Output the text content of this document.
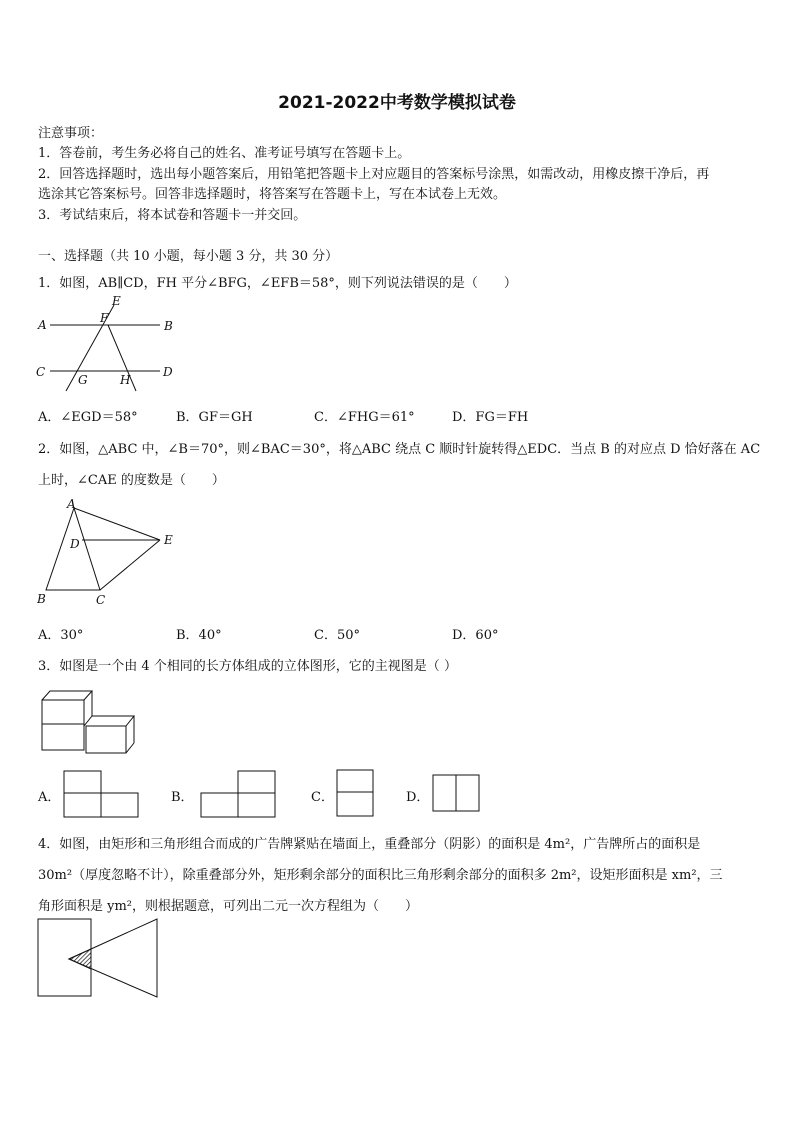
2021-2022中考数学模拟试卷
注意事项：
1．答卷前，考生务必将自己的姓名、准考证号填写在答题卡上。
2．回答选择题时，选出每小题答案后，用铅笔把答题卡上对应题目的答案标号涂黑，如需改动，用橡皮擦干净后，再
选涂其它答案标号。回答非选择题时，将答案写在答题卡上，写在本试卷上无效。
3．考试结束后，将本试卷和答题卡一并交回。
一、选择题（共 10 小题，每小题 3 分，共 30 分）
1．如图，AB∥CD，FH 平分∠BFG，∠EFB＝58°，则下列说法错误的是（　　）
E
F
A	B
C	D
G	H
A．∠EGD＝58°	B．GF＝GH	C．∠FHG＝61°	D．FG＝FH
2．如图，△ABC 中，∠B＝70°，则∠BAC＝30°，将△ABC 绕点 C 顺时针旋转得△EDC．当点 B 的对应点 D 恰好落在 AC
上时，∠CAE 的度数是（　　）
A
D	E
B	C
A．30°	B．40°	C．50°	D．60°
3．如图是一个由 4 个相同的长方体组成的立体图形，它的主视图是（ ）
A．	B．	C．	D．
4．如图，由矩形和三角形组合而成的广告牌紧贴在墙面上，重叠部分（阴影）的面积是 4m²，广告牌所占的面积是
30m²（厚度忽略不计），除重叠部分外，矩形剩余部分的面积比三角形剩余部分的面积多 2m²，设矩形面积是 xm²，三
角形面积是 ym²，则根据题意，可列出二元一次方程组为（　　）
